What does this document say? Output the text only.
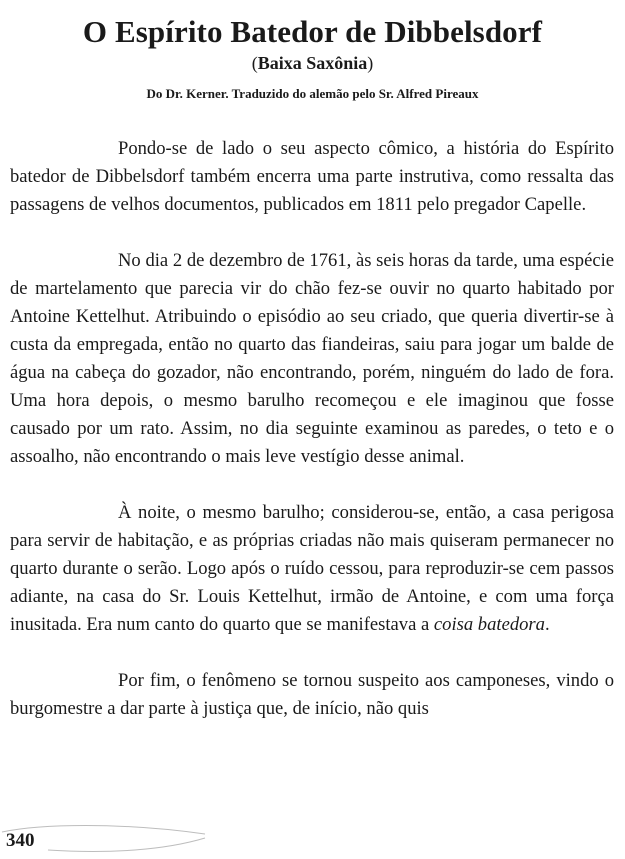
O Espírito Batedor de Dibbelsdorf
(Baixa Saxônia)
Do Dr. Kerner. Traduzido do alemão pelo Sr. Alfred Pireaux

Pondo-se de lado o seu aspecto cômico, a história do Espírito batedor de Dibbelsdorf também encerra uma parte instrutiva, como ressalta das passagens de velhos documentos, publicados em 1811 pelo pregador Capelle.

No dia 2 de dezembro de 1761, às seis horas da tarde, uma espécie de martelamento que parecia vir do chão fez-se ouvir no quarto habitado por Antoine Kettelhut. Atribuindo o episódio ao seu criado, que queria divertir-se à custa da empregada, então no quarto das fiandeiras, saiu para jogar um balde de água na cabeça do gozador, não encontrando, porém, ninguém do lado de fora. Uma hora depois, o mesmo barulho recomeçou e ele imaginou que fosse causado por um rato. Assim, no dia seguinte examinou as paredes, o teto e o assoalho, não encontrando o mais leve vestígio desse animal.

À noite, o mesmo barulho; considerou-se, então, a casa perigosa para servir de habitação, e as próprias criadas não mais quiseram permanecer no quarto durante o serão. Logo após o ruído cessou, para reproduzir-se cem passos adiante, na casa do Sr. Louis Kettelhut, irmão de Antoine, e com uma força inusitada. Era num canto do quarto que se manifestava a coisa batedora.

Por fim, o fenômeno se tornou suspeito aos camponeses, vindo o burgomestre a dar parte à justiça que, de início, não quis

340
